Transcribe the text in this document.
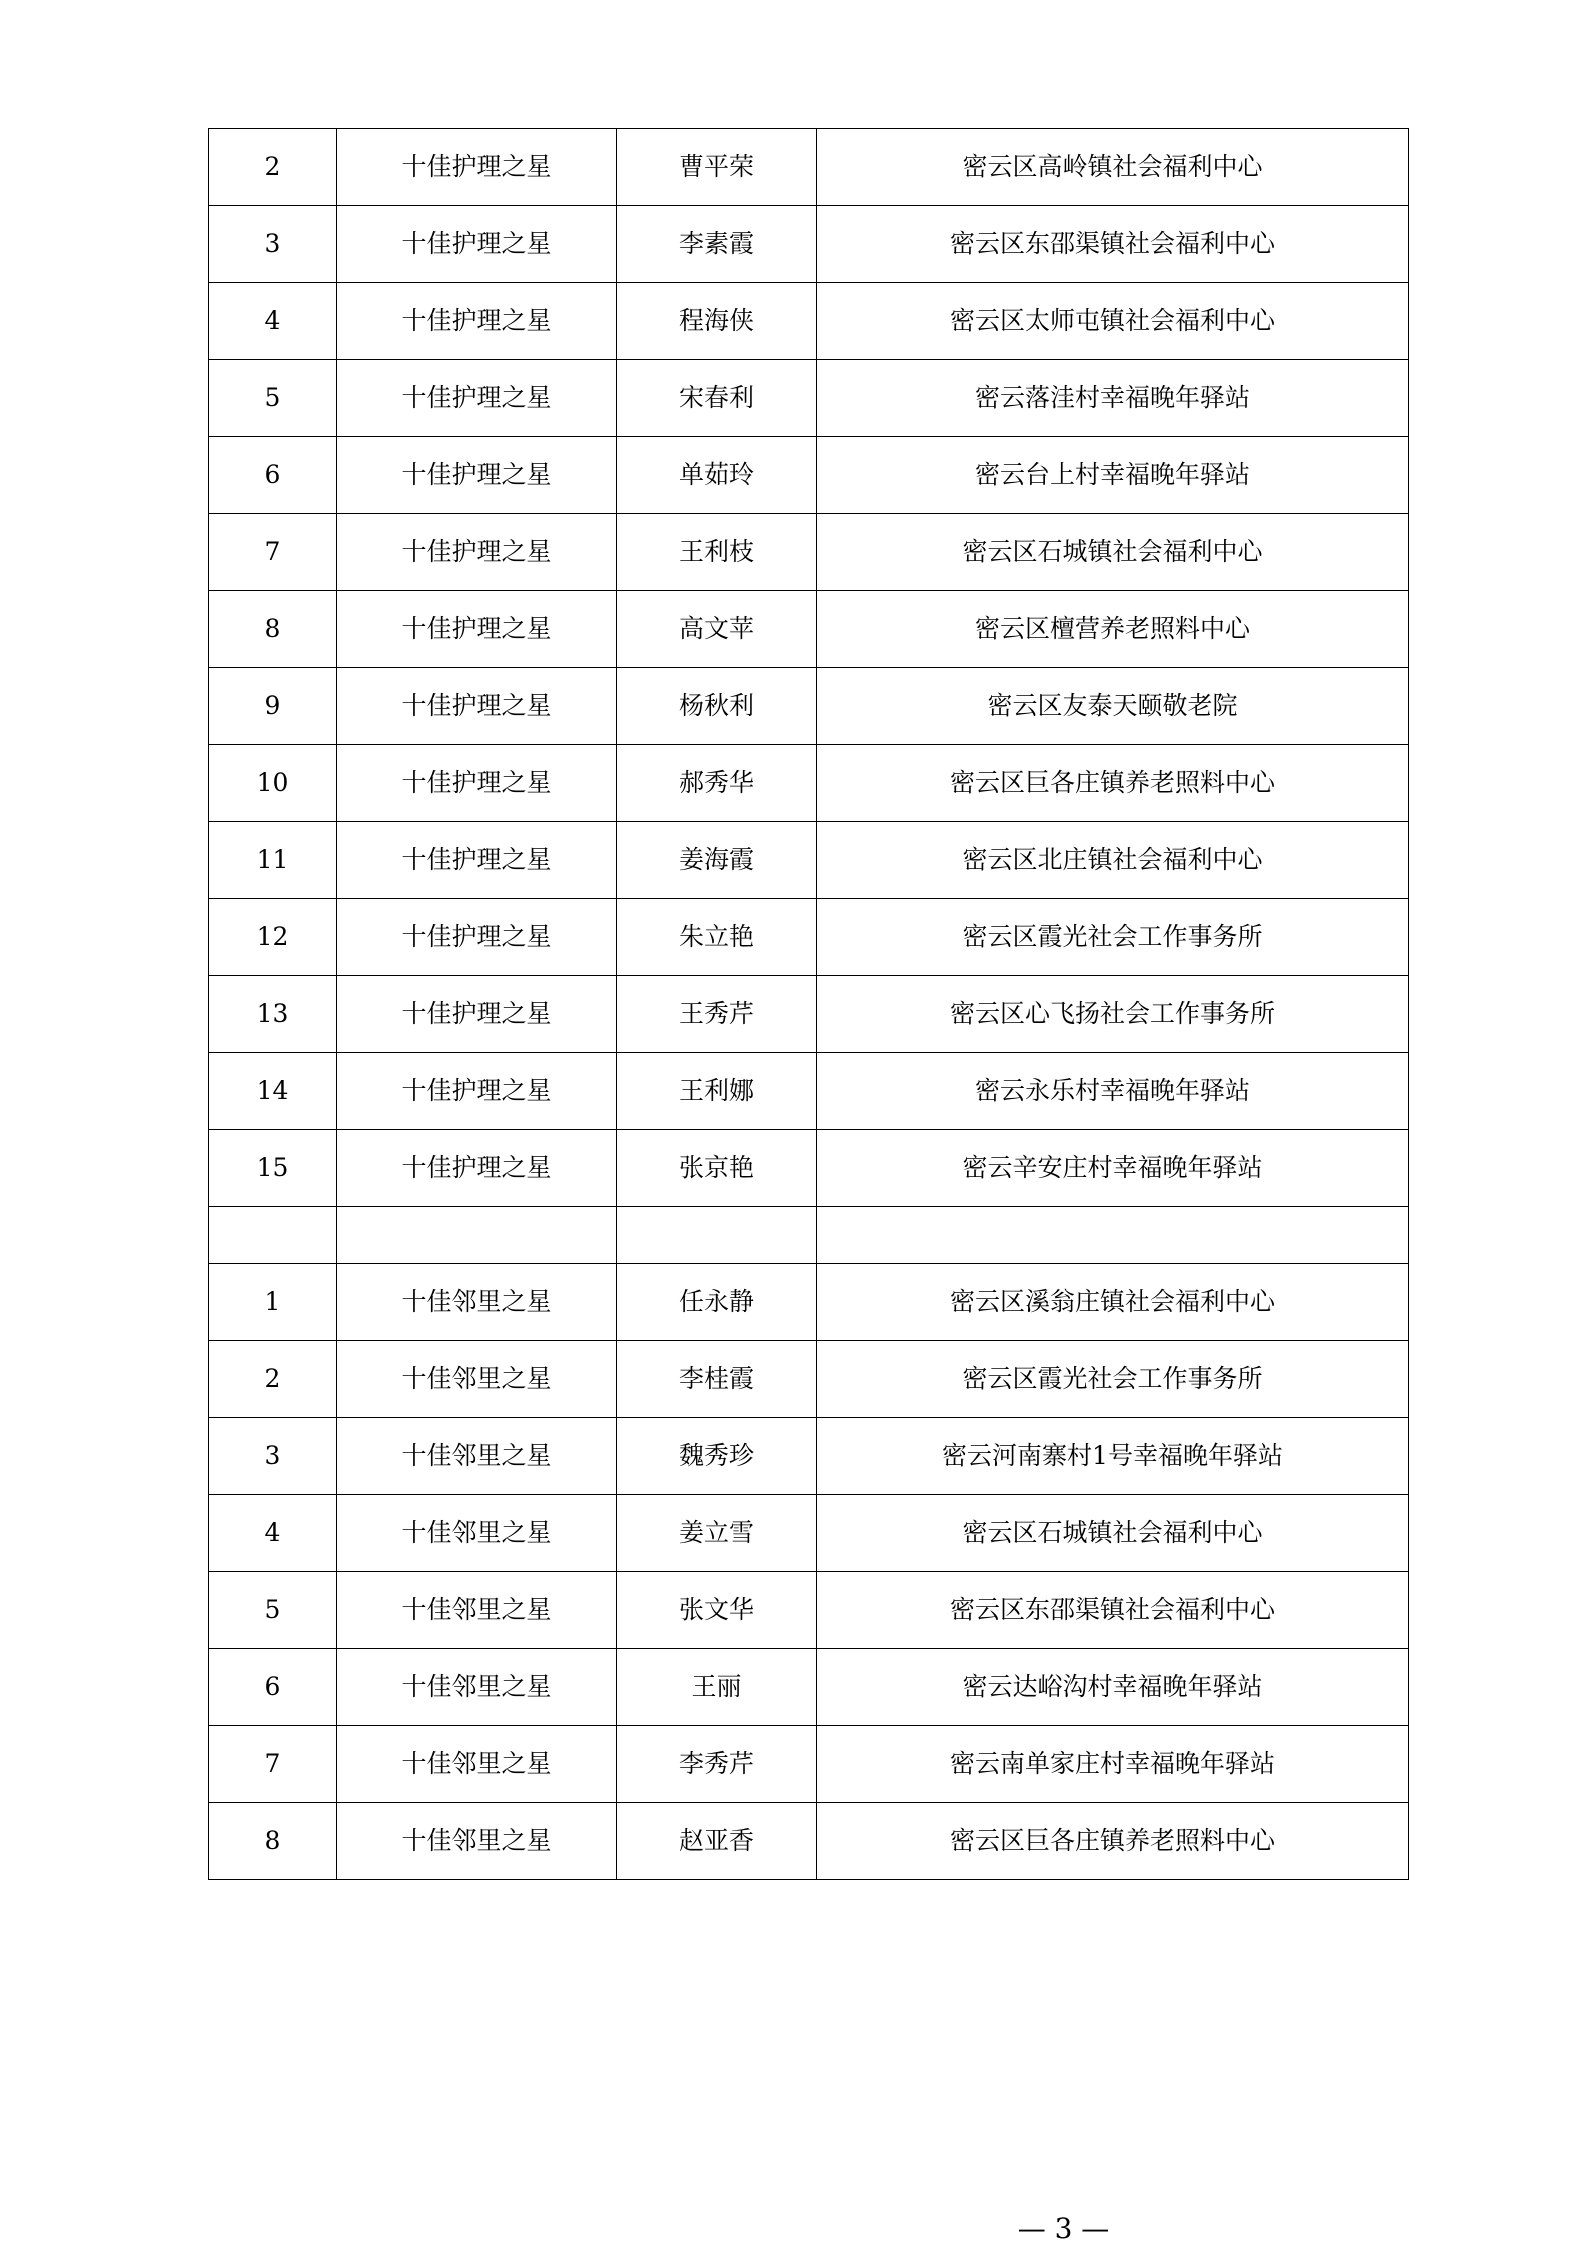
2	十佳护理之星	曹平荣	密云区高岭镇社会福利中心
3	十佳护理之星	李素霞	密云区东邵渠镇社会福利中心
4	十佳护理之星	程海侠	密云区太师屯镇社会福利中心
5	十佳护理之星	宋春利	密云落洼村幸福晚年驿站
6	十佳护理之星	单茹玲	密云台上村幸福晚年驿站
7	十佳护理之星	王利枝	密云区石城镇社会福利中心
8	十佳护理之星	高文苹	密云区檀营养老照料中心
9	十佳护理之星	杨秋利	密云区友泰天颐敬老院
10	十佳护理之星	郝秀华	密云区巨各庄镇养老照料中心
11	十佳护理之星	姜海霞	密云区北庄镇社会福利中心
12	十佳护理之星	朱立艳	密云区霞光社会工作事务所
13	十佳护理之星	王秀芹	密云区心飞扬社会工作事务所
14	十佳护理之星	王利娜	密云永乐村幸福晚年驿站
15	十佳护理之星	张京艳	密云辛安庄村幸福晚年驿站

1	十佳邻里之星	任永静	密云区溪翁庄镇社会福利中心
2	十佳邻里之星	李桂霞	密云区霞光社会工作事务所
3	十佳邻里之星	魏秀珍	密云河南寨村1号幸福晚年驿站
4	十佳邻里之星	姜立雪	密云区石城镇社会福利中心
5	十佳邻里之星	张文华	密云区东邵渠镇社会福利中心
6	十佳邻里之星	王丽	密云达峪沟村幸福晚年驿站
7	十佳邻里之星	李秀芹	密云南单家庄村幸福晚年驿站
8	十佳邻里之星	赵亚香	密云区巨各庄镇养老照料中心
— 3 —
